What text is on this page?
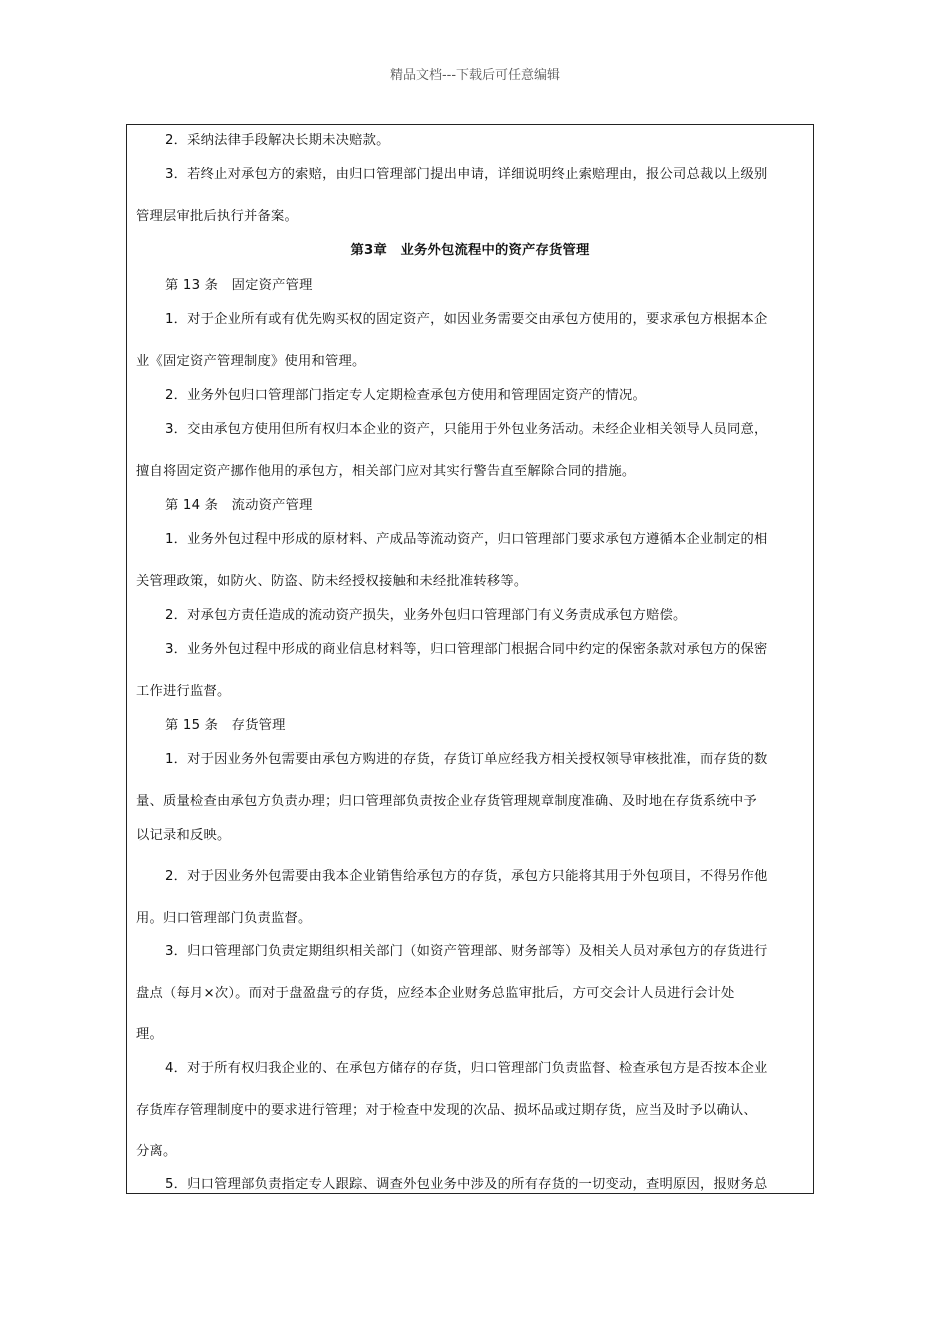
精品文档---下载后可任意编辑
2．采纳法律手段解决长期未决赔款。
3．若终止对承包方的索赔，由归口管理部门提出申请，详细说明终止索赔理由，报公司总裁以上级别
管理层审批后执行并备案。
第3章　业务外包流程中的资产存货管理
第 13 条　固定资产管理
1．对于企业所有或有优先购买权的固定资产，如因业务需要交由承包方使用的，要求承包方根据本企
业《固定资产管理制度》使用和管理。
2．业务外包归口管理部门指定专人定期检查承包方使用和管理固定资产的情况。
3．交由承包方使用但所有权归本企业的资产，只能用于外包业务活动。未经企业相关领导人员同意，
擅自将固定资产挪作他用的承包方，相关部门应对其实行警告直至解除合同的措施。
第 14 条　流动资产管理
1．业务外包过程中形成的原材料、产成品等流动资产，归口管理部门要求承包方遵循本企业制定的相
关管理政策，如防火、防盗、防未经授权接触和未经批准转移等。
2．对承包方责任造成的流动资产损失，业务外包归口管理部门有义务责成承包方赔偿。
3．业务外包过程中形成的商业信息材料等，归口管理部门根据合同中约定的保密条款对承包方的保密
工作进行监督。
第 15 条　存货管理
1．对于因业务外包需要由承包方购进的存货，存货订单应经我方相关授权领导审核批准，而存货的数
量、质量检查由承包方负责办理；归口管理部负责按企业存货管理规章制度准确、及时地在存货系统中予
以记录和反映。
2．对于因业务外包需要由我本企业销售给承包方的存货，承包方只能将其用于外包项目，不得另作他
用。归口管理部门负责监督。
3．归口管理部门负责定期组织相关部门（如资产管理部、财务部等）及相关人员对承包方的存货进行
盘点（每月×次）。而对于盘盈盘亏的存货，应经本企业财务总监审批后，方可交会计人员进行会计处
理。
4．对于所有权归我企业的、在承包方储存的存货，归口管理部门负责监督、检查承包方是否按本企业
存货库存管理制度中的要求进行管理；对于检查中发现的次品、损坏品或过期存货，应当及时予以确认、
分离。
5．归口管理部负责指定专人跟踪、调查外包业务中涉及的所有存货的一切变动，查明原因，报财务总
